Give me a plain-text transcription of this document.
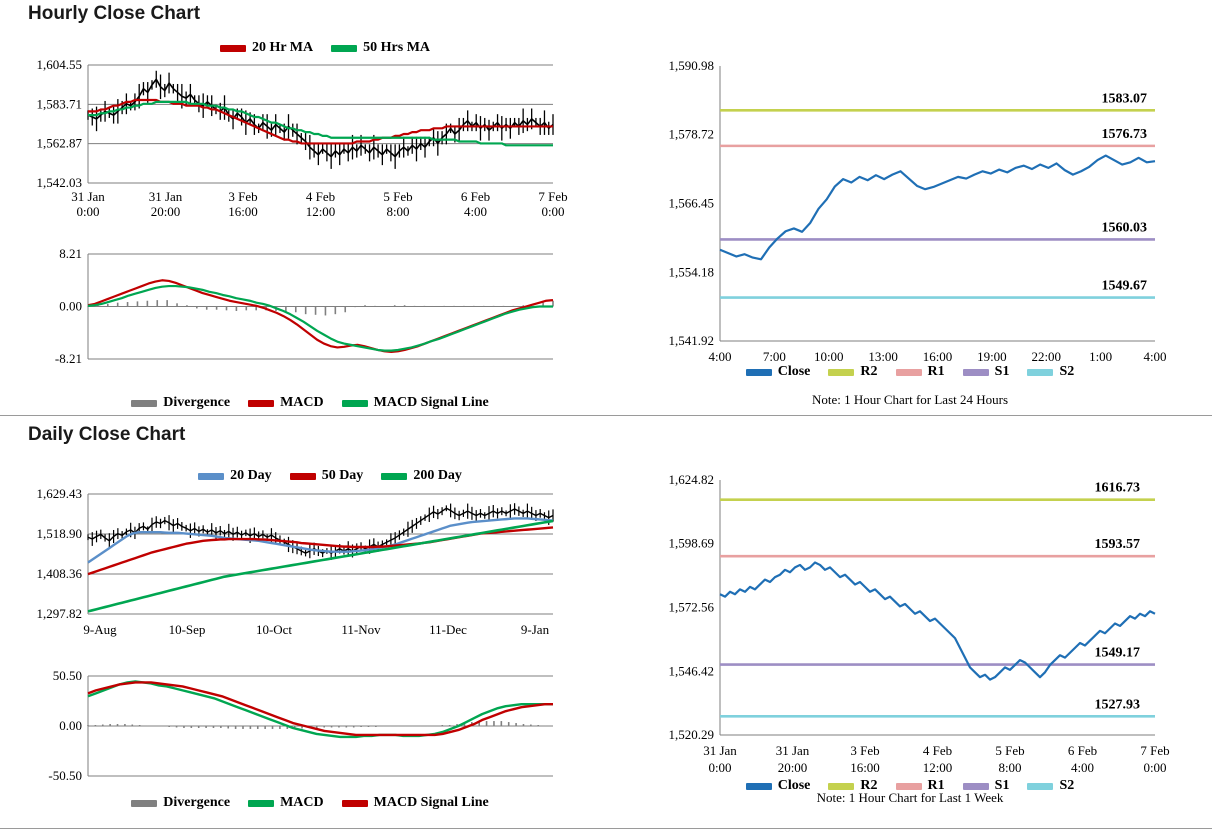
Hourly Close Chart
20 Hr MA	50 Hrs MA
1,542.03
1,562.87
1,583.71
1,604.55
31 Jan
0:00
31 Jan
20:00
3 Feb
16:00
4 Feb
12:00
5 Feb
8:00
6 Feb
4:00
7 Feb
0:00
-8.21
0.00
8.21
Divergence	MACD	MACD Signal Line
1,541.92
1,554.18
1,566.45
1,578.72
1,590.98
1583.07
1576.73
1560.03
1549.67
4:00 7:00 10:00 13:00 16:00 19:00 22:00 1:00 4:00
Close	R2	R1	S1	S2
Note: 1 Hour Chart for Last 24 Hours
Daily Close Chart
20 Day	50 Day	200 Day
1,297.82
1,408.36
1,518.90
1,629.43
9-Aug	10-Sep	10-Oct	11-Nov	11-Dec	9-Jan
-50.50
0.00
50.50
Divergence	MACD	MACD Signal Line
1,520.29
1,546.42
1,572.56
1,598.69
1,624.82
1616.73
1593.57
1549.17
1527.93
31 Jan
0:00
31 Jan
20:00
3 Feb
16:00
4 Feb
12:00
5 Feb
8:00
6 Feb
4:00
7 Feb
0:00
Close	R2	R1	S1	S2
Note: 1 Hour Chart for Last 1 Week
